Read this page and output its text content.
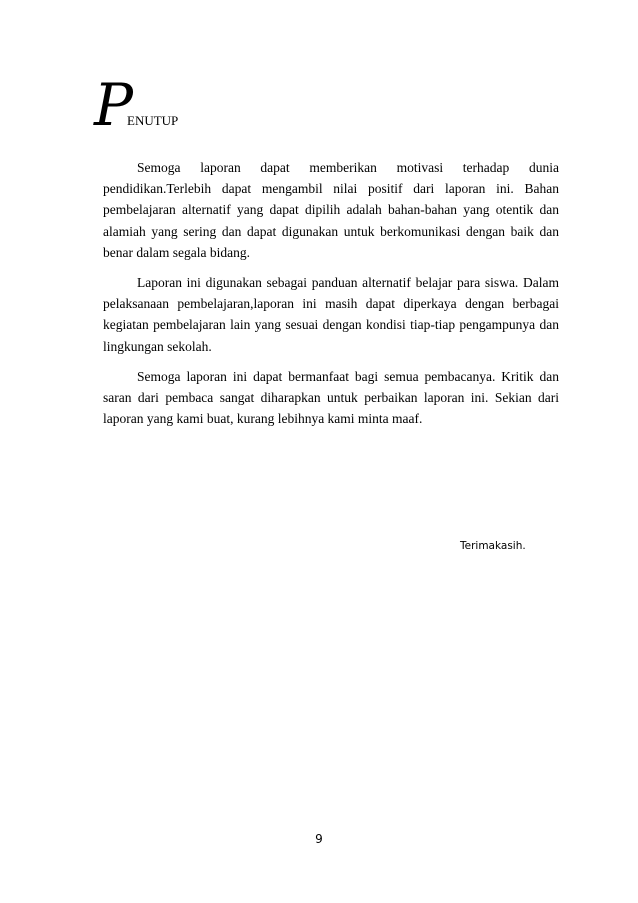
P
ENUTUP

Semoga laporan dapat memberikan motivasi terhadap dunia pendidikan.Terlebih dapat mengambil nilai positif dari laporan ini. Bahan pembelajaran alternatif yang dapat dipilih adalah bahan-bahan yang otentik dan alamiah yang sering dan dapat digunakan untuk berkomunikasi dengan baik dan benar dalam segala bidang.

Laporan ini digunakan sebagai panduan alternatif belajar para siswa. Dalam pelaksanaan pembelajaran,laporan ini masih dapat diperkaya dengan berbagai kegiatan pembelajaran lain yang sesuai dengan kondisi tiap-tiap pengampunya dan lingkungan sekolah.

Semoga laporan ini dapat bermanfaat bagi semua pembacanya. Kritik dan saran dari pembaca sangat diharapkan untuk perbaikan laporan ini. Sekian dari laporan yang kami buat, kurang lebihnya kami minta maaf.

Terimakasih.
9
